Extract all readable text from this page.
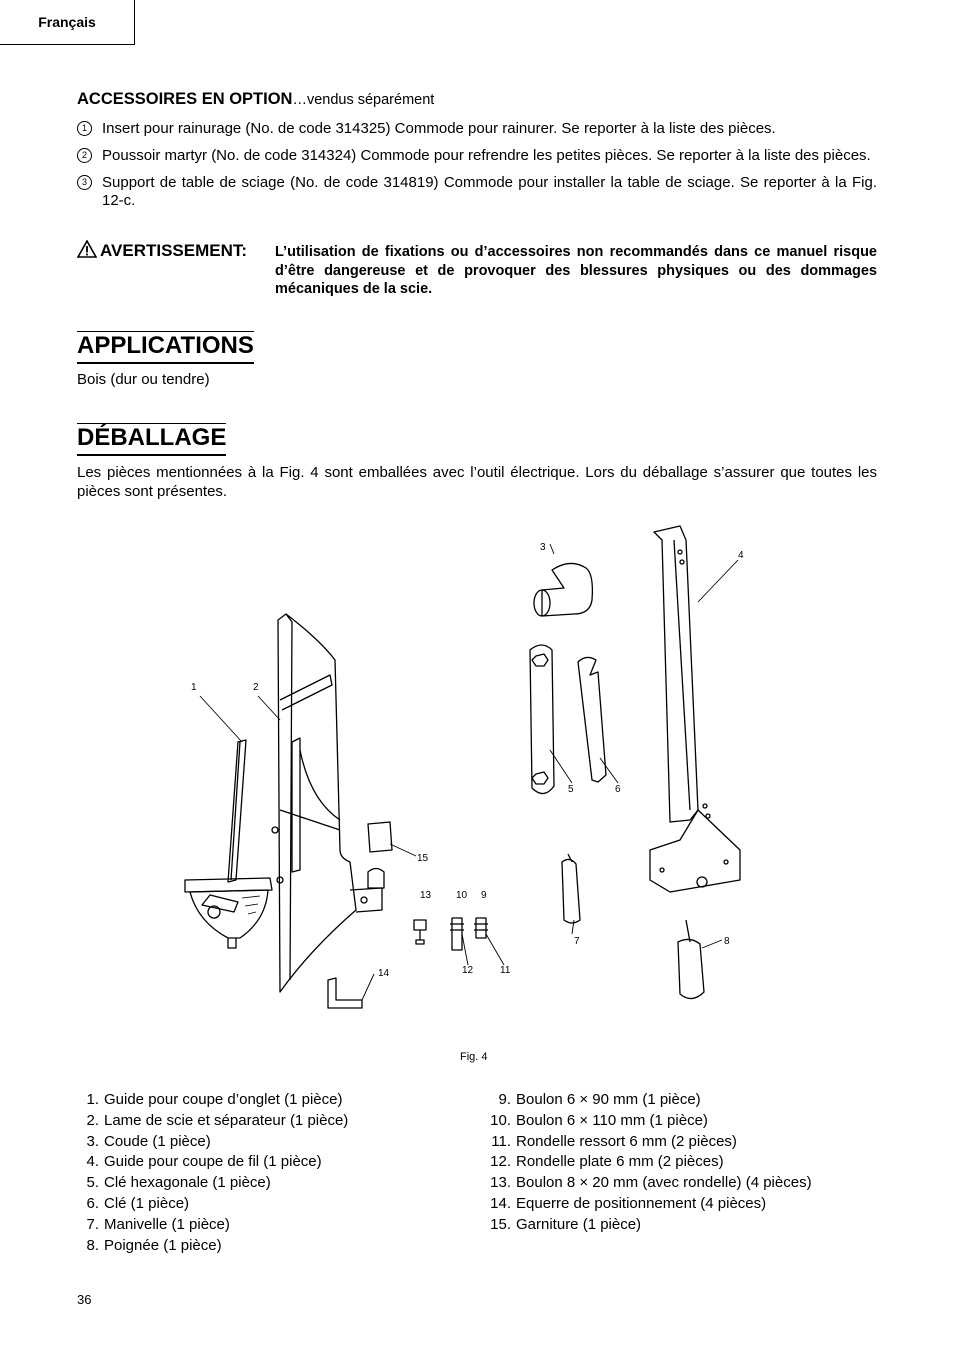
Français
ACCESSOIRES EN OPTION…vendus séparément
1	Insert pour rainurage (No. de code 314325) Commode pour rainurer. Se reporter à la liste des pièces.
2	Poussoir martyr (No. de code 314324) Commode pour refrendre les petites pièces. Se reporter à la liste des pièces.
3	Support de table de sciage (No. de code 314819) Commode pour installer la table de sciage. Se reporter à la Fig. 12-c.
AVERTISSEMENT: L’utilisation de fixations ou d’accessoires non recommandés dans ce manuel risque d’être dangereuse et de provoquer des blessures physiques ou des dommages mécaniques de la scie.
APPLICATIONS
Bois (dur ou tendre)
DÉBALLAGE
Les pièces mentionnées à la Fig. 4 sont emballées avec l’outil électrique. Lors du déballage s’assurer que toutes les pièces sont présentes.
1	2
3
4
5	6
7	8
9
10
11
12
13
14
15
Fig. 4
1. Guide pour coupe d’onglet (1 pièce)
2. Lame de scie et séparateur (1 pièce)
3. Coude (1 pièce)
4. Guide pour coupe de fil (1 pièce)
5. Clé hexagonale (1 pièce)
6. Clé (1 pièce)
7. Manivelle (1 pièce)
8. Poignée (1 pièce)
9. Boulon 6 × 90 mm (1 pièce)
10. Boulon 6 × 110 mm (1 pièce)
11. Rondelle ressort 6 mm (2 pièces)
12. Rondelle plate 6 mm (2 pièces)
13. Boulon 8 × 20 mm (avec rondelle) (4 pièces)
14. Equerre de positionnement (4 pièces)
15. Garniture (1 pièce)
36
